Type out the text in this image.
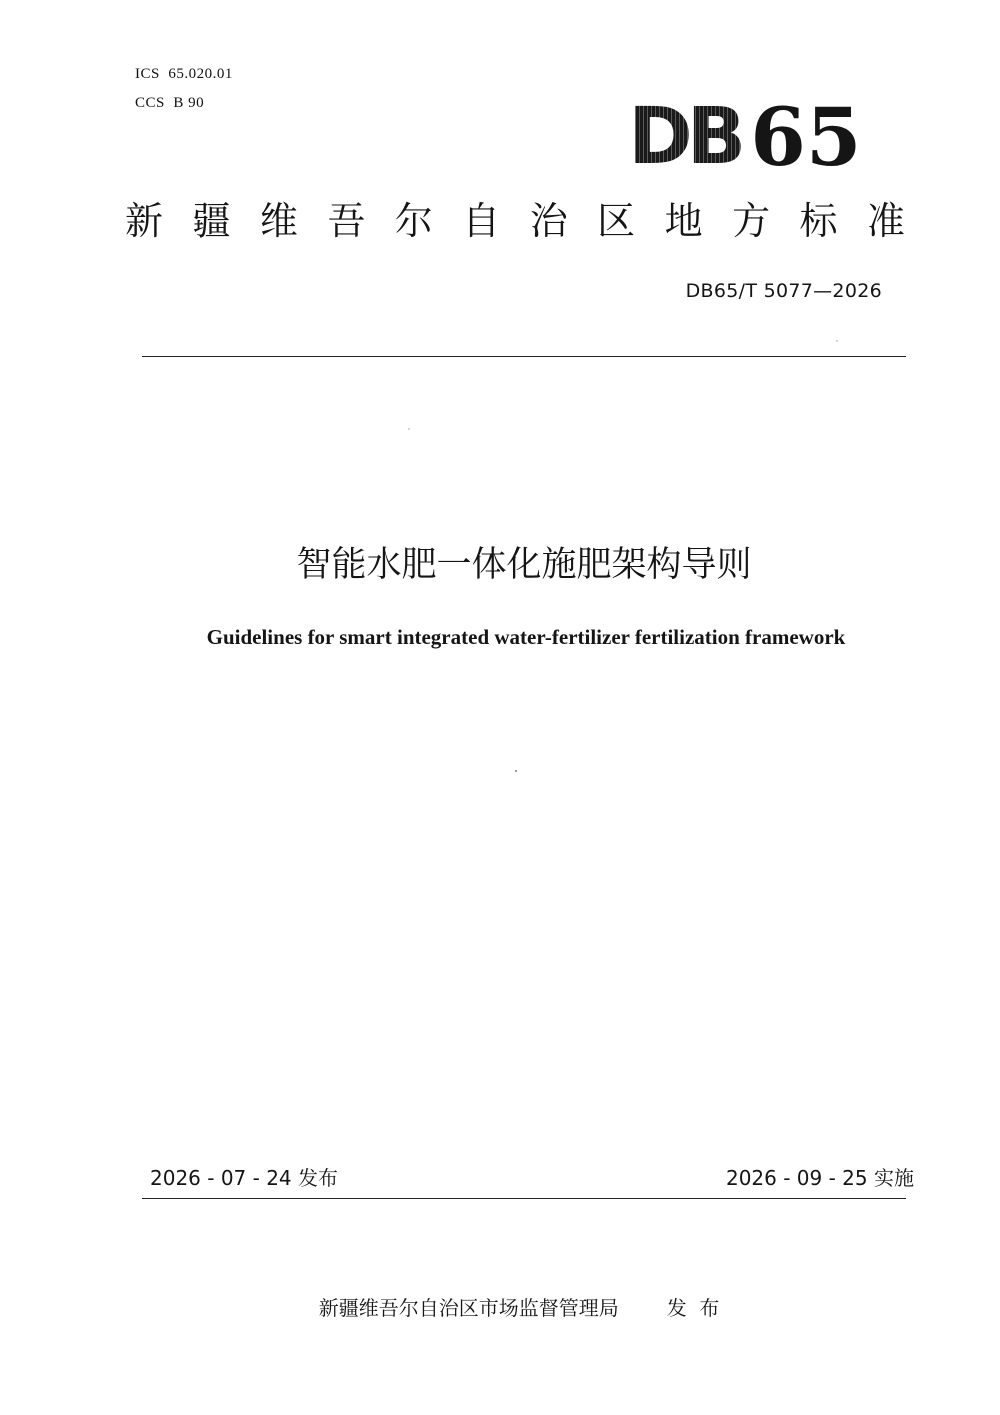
ICS  65.020.01
CCS  B 90	DB 65
新 疆 维 吾 尔 自 治 区 地 方 标 准
DB65/T 5077—2026
智能水肥一体化施肥架构导则
Guidelines for smart integrated water-fertilizer fertilization framework
2026 - 07 - 24 发布	2026 - 09 - 25 实施

新疆维吾尔自治区市场监督管理局 发  布
